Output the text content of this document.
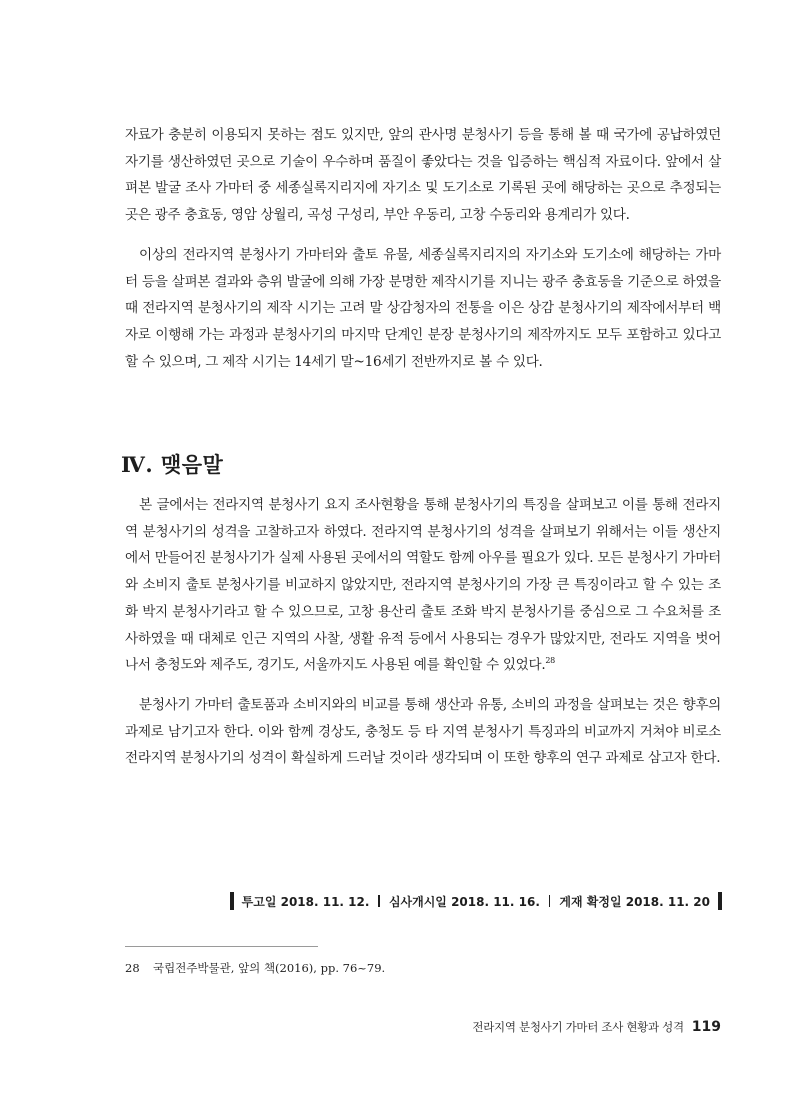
자료가 충분히 이용되지 못하는 점도 있지만, 앞의 관사명 분청사기 등을 통해 볼 때 국가에 공납하였던 자기를 생산하였던 곳으로 기술이 우수하며 품질이 좋았다는 것을 입증하는 핵심적 자료이다. 앞에서 살펴본 발굴 조사 가마터 중 세종실록지리지에 자기소 및 도기소로 기록된 곳에 해당하는 곳으로 추정되는 곳은 광주 충효동, 영암 상월리, 곡성 구성리, 부안 우동리, 고창 수동리와 용계리가 있다.

이상의 전라지역 분청사기 가마터와 출토 유물, 세종실록지리지의 자기소와 도기소에 해당하는 가마터 등을 살펴본 결과와 층위 발굴에 의해 가장 분명한 제작시기를 지니는 광주 충효동을 기준으로 하였을 때 전라지역 분청사기의 제작 시기는 고려 말 상감청자의 전통을 이은 상감 분청사기의 제작에서부터 백자로 이행해 가는 과정과 분청사기의 마지막 단계인 분장 분청사기의 제작까지도 모두 포함하고 있다고 할 수 있으며, 그 제작 시기는 14세기 말~16세기 전반까지로 볼 수 있다.

Ⅳ. 맺음말

본 글에서는 전라지역 분청사기 요지 조사현황을 통해 분청사기의 특징을 살펴보고 이를 통해 전라지역 분청사기의 성격을 고찰하고자 하였다. 전라지역 분청사기의 성격을 살펴보기 위해서는 이들 생산지에서 만들어진 분청사기가 실제 사용된 곳에서의 역할도 함께 아우를 필요가 있다. 모든 분청사기 가마터와 소비지 출토 분청사기를 비교하지 않았지만, 전라지역 분청사기의 가장 큰 특징이라고 할 수 있는 조화 박지 분청사기라고 할 수 있으므로, 고창 용산리 출토 조화 박지 분청사기를 중심으로 그 수요처를 조사하였을 때 대체로 인근 지역의 사찰, 생활 유적 등에서 사용되는 경우가 많았지만, 전라도 지역을 벗어나서 충청도와 제주도, 경기도, 서울까지도 사용된 예를 확인할 수 있었다.$^{28}$

분청사기 가마터 출토품과 소비지와의 비교를 통해 생산과 유통, 소비의 과정을 살펴보는 것은 향후의 과제로 남기고자 한다. 이와 함께 경상도, 충청도 등 타 지역 분청사기 특징과의 비교까지 거쳐야 비로소 전라지역 분청사기의 성격이 확실하게 드러날 것이라 생각되며 이 또한 향후의 연구 과제로 삼고자 한다.

투고일 2018. 11. 12. 심사개시일 2018. 11. 16. 게재 확정일 2018. 11. 20
28 국립전주박물관, 앞의 책(2016), pp. 76~79.
전라지역 분청사기 가마터 조사 현황과 성격 119
